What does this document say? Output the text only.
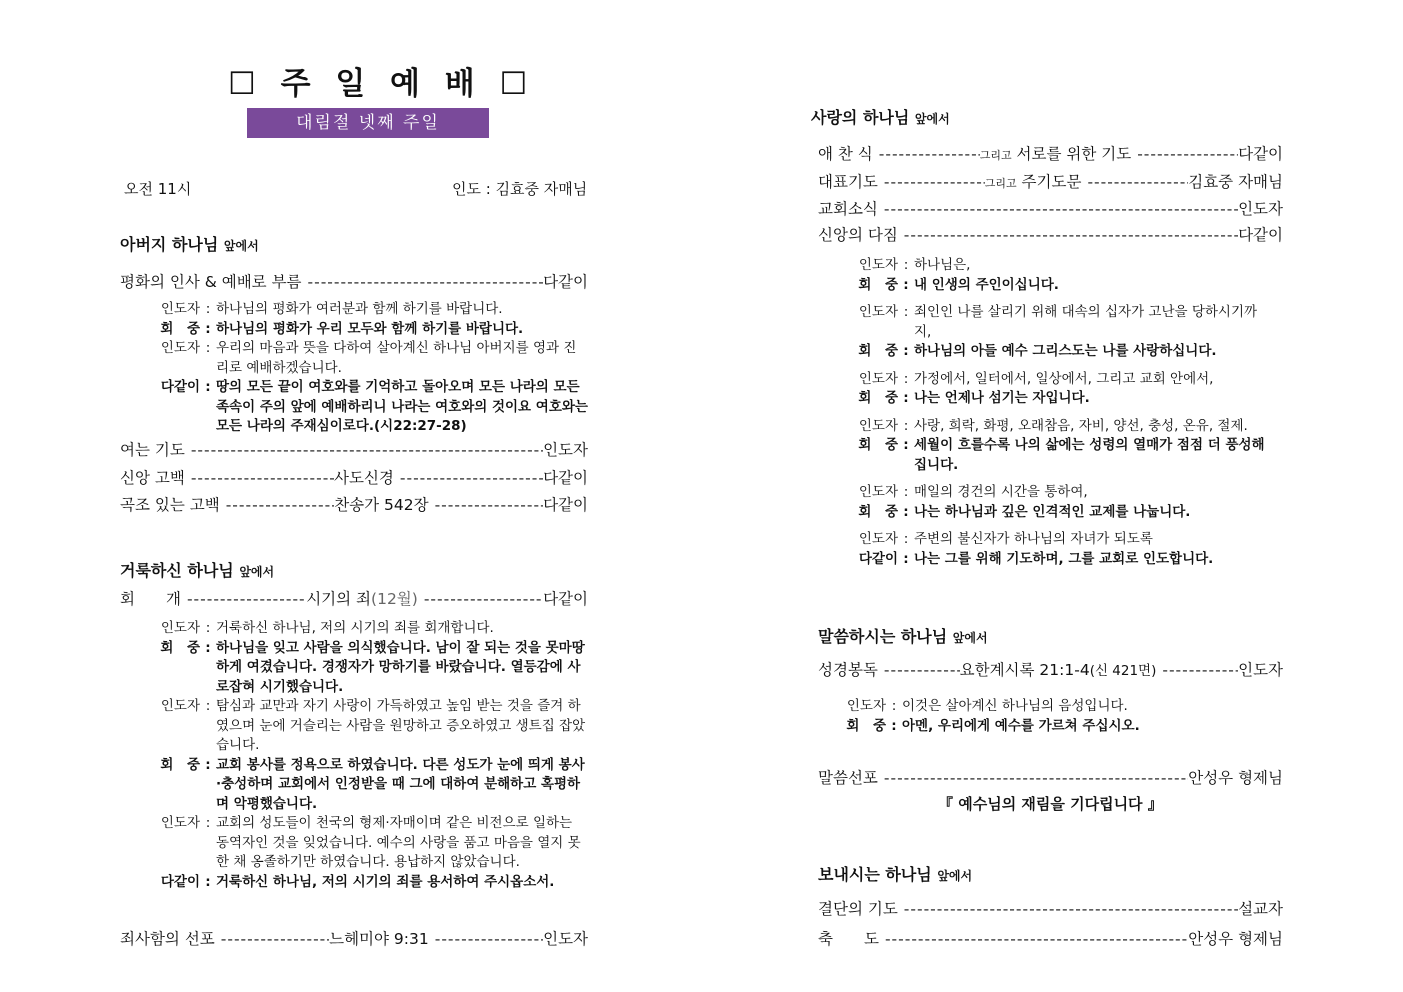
☐ 주 일 예 배 ☐
대림절 넷째 주일
오전 11시	인도 : 김효중 자매님
아버지 하나님 앞에서
평화의 인사 & 예배로 부름 -----	다같이
인도자 : 하나님의 평화가 여러분과 함께 하기를 바랍니다.
회　중 : 하나님의 평화가 우리 모두와 함께 하기를 바랍니다.
인도자 : 우리의 마음과 뜻을 다하여 살아계신 하나님 아버지를 영과 진리로 예배하겠습니다.
다같이 : 땅의 모든 끝이 여호와를 기억하고 돌아오며 모든 나라의 모든 족속이 주의 앞에 예배하리니 나라는 여호와의 것이요 여호와는 모든 나라의 주재심이로다.(시22:27-28)
여는 기도 -----	인도자
신앙 고백 -----	사도신경 -----	다같이
곡조 있는 고백 -----	찬송가 542장 -----	다같이
거룩하신 하나님 앞에서
회　　개 -----	시기의 죄(12월) -----	다같이
인도자 : 거룩하신 하나님, 저의 시기의 죄를 회개합니다.
회　중 : 하나님을 잊고 사람을 의식했습니다. 남이 잘 되는 것을 못마땅하게 여겼습니다. 경쟁자가 망하기를 바랐습니다. 열등감에 사로잡혀 시기했습니다.
인도자 : 탐심과 교만과 자기 사랑이 가득하였고 높임 받는 것을 즐겨 하였으며 눈에 거슬리는 사람을 원망하고 증오하였고 생트집 잡았습니다.
회　중 : 교회 봉사를 정욕으로 하였습니다. 다른 성도가 눈에 띄게 봉사·충성하며 교회에서 인정받을 때 그에 대하여 분해하고 혹평하며 악평했습니다.
인도자 : 교회의 성도들이 천국의 형제·자매이며 같은 비전으로 일하는 동역자인 것을 잊었습니다. 예수의 사랑을 품고 마음을 열지 못한 채 옹졸하기만 하였습니다. 용납하지 않았습니다.
다같이 : 거룩하신 하나님, 저의 시기의 죄를 용서하여 주시옵소서.
죄사함의 선포 -----	느헤미야 9:31 -----	인도자
사랑의 하나님 앞에서
애 찬 식 -----	그리고 서로를 위한 기도 -----	다같이
대표기도 -----	그리고 주기도문 -----	김효중 자매님
교회소식 -----	인도자
신앙의 다짐 -----	다같이
인도자 : 하나님은,
회　중 : 내 인생의 주인이십니다.
인도자 : 죄인인 나를 살리기 위해 대속의 십자가 고난을 당하시기까지,
회　중 : 하나님의 아들 예수 그리스도는 나를 사랑하십니다.
인도자 : 가정에서, 일터에서, 일상에서, 그리고 교회 안에서,
회　중 : 나는 언제나 섬기는 자입니다.
인도자 : 사랑, 희락, 화평, 오래참음, 자비, 양선, 충성, 온유, 절제.
회　중 : 세월이 흐를수록 나의 삶에는 성령의 열매가 점점 더 풍성해 집니다.
인도자 : 매일의 경건의 시간을 통하여,
회　중 : 나는 하나님과 깊은 인격적인 교제를 나눕니다.
인도자 : 주변의 불신자가 하나님의 자녀가 되도록
다같이 : 나는 그를 위해 기도하며, 그를 교회로 인도합니다.
말씀하시는 하나님 앞에서
성경봉독 -----	요한계시록 21:1-4(신 421면) -----	인도자
인도자 : 이것은 살아계신 하나님의 음성입니다.
회　중 : 아멘, 우리에게 예수를 가르쳐 주십시오.
말씀선포 -----	안성우 형제님
『 예수님의 재림을 기다립니다 』
보내시는 하나님 앞에서
결단의 기도 -----	설교자
축　　도 -----	안성우 형제님
